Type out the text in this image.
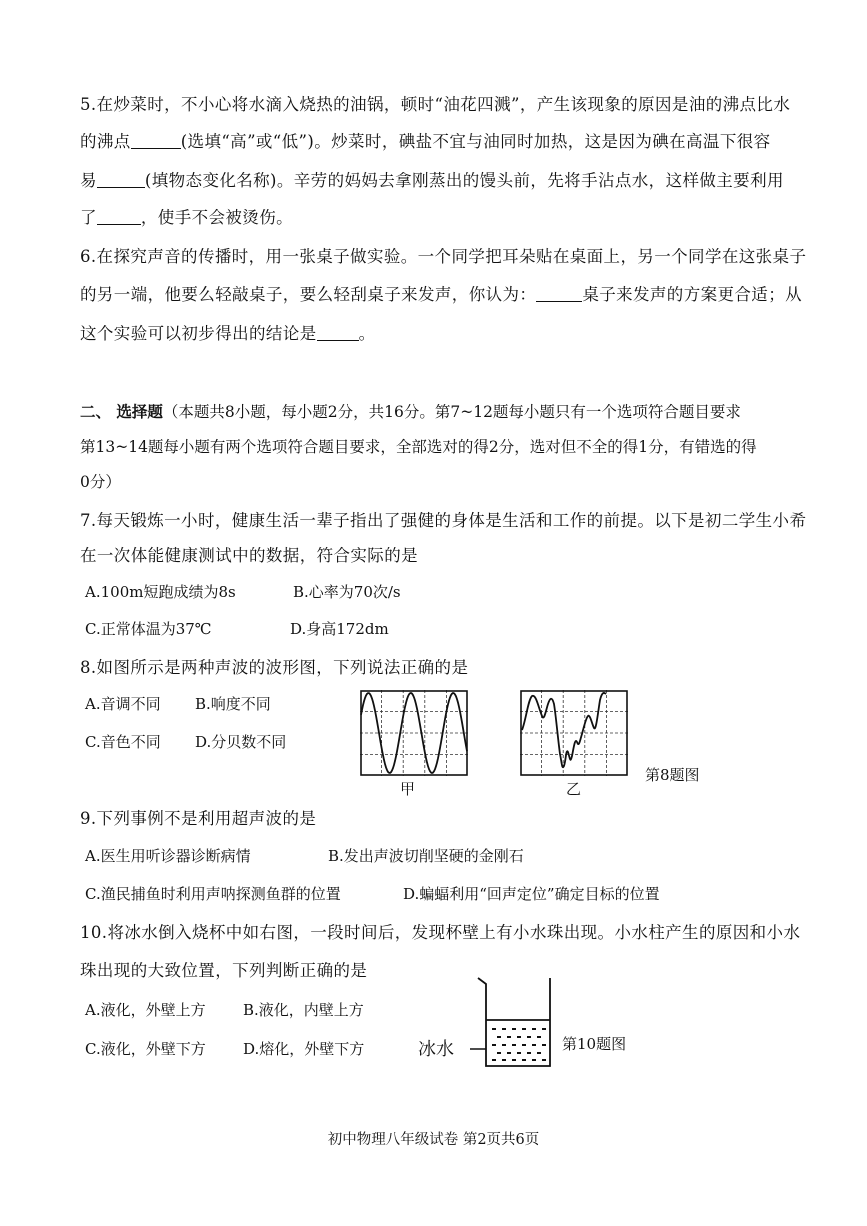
5.在炒菜时，不小心将水滴入烧热的油锅，顿时“油花四溅”，产生该现象的原因是油的沸点比水
的沸点	(选填“高”或“低”)。炒菜时，碘盐不宜与油同时加热，这是因为碘在高温下很容
易	(填物态变化名称)。辛劳的妈妈去拿刚蒸出的馒头前，先将手沾点水，这样做主要利用
了	，使手不会被烫伤。
6.在探究声音的传播时，用一张桌子做实验。一个同学把耳朵贴在桌面上，另一个同学在这张桌子
的另一端，他要么轻敲桌子，要么轻刮桌子来发声，你认为：	桌子来发声的方案更合适；从
这个实验可以初步得出的结论是	。
二、 选择题（本题共8小题，每小题2分，共16分。第7~12题每小题只有一个选项符合题目要求
第13~14题每小题有两个选项符合题目要求，全部选对的得2分，选对但不全的得1分，有错选的得
0分）
7.每天锻炼一小时，健康生活一辈子指出了强健的身体是生活和工作的前提。以下是初二学生小希
在一次体能健康测试中的数据，符合实际的是
A.100m短跑成绩为8s	B.心率为70次/s
C.正常体温为37℃	D.身高172dm
8.如图所示是两种声波的波形图，下列说法正确的是
A.音调不同 B.响度不同
C.音色不同 D.分贝数不同
甲	乙
第8题图
9.下列事例不是利用超声波的是
A.医生用听诊器诊断病情	B.发出声波切削坚硬的金刚石
C.渔民捕鱼时利用声呐探测鱼群的位置	D.蝙蝠利用“回声定位”确定目标的位置
10.将冰水倒入烧杯中如右图，一段时间后，发现杯壁上有小水珠出现。小水柱产生的原因和小水
珠出现的大致位置，下列判断正确的是
A.液化，外壁上方 B.液化，内壁上方
C.液化，外壁下方 D.熔化，外壁下方	冰水	第10题图
初中物理八年级试卷 第2页共6页
